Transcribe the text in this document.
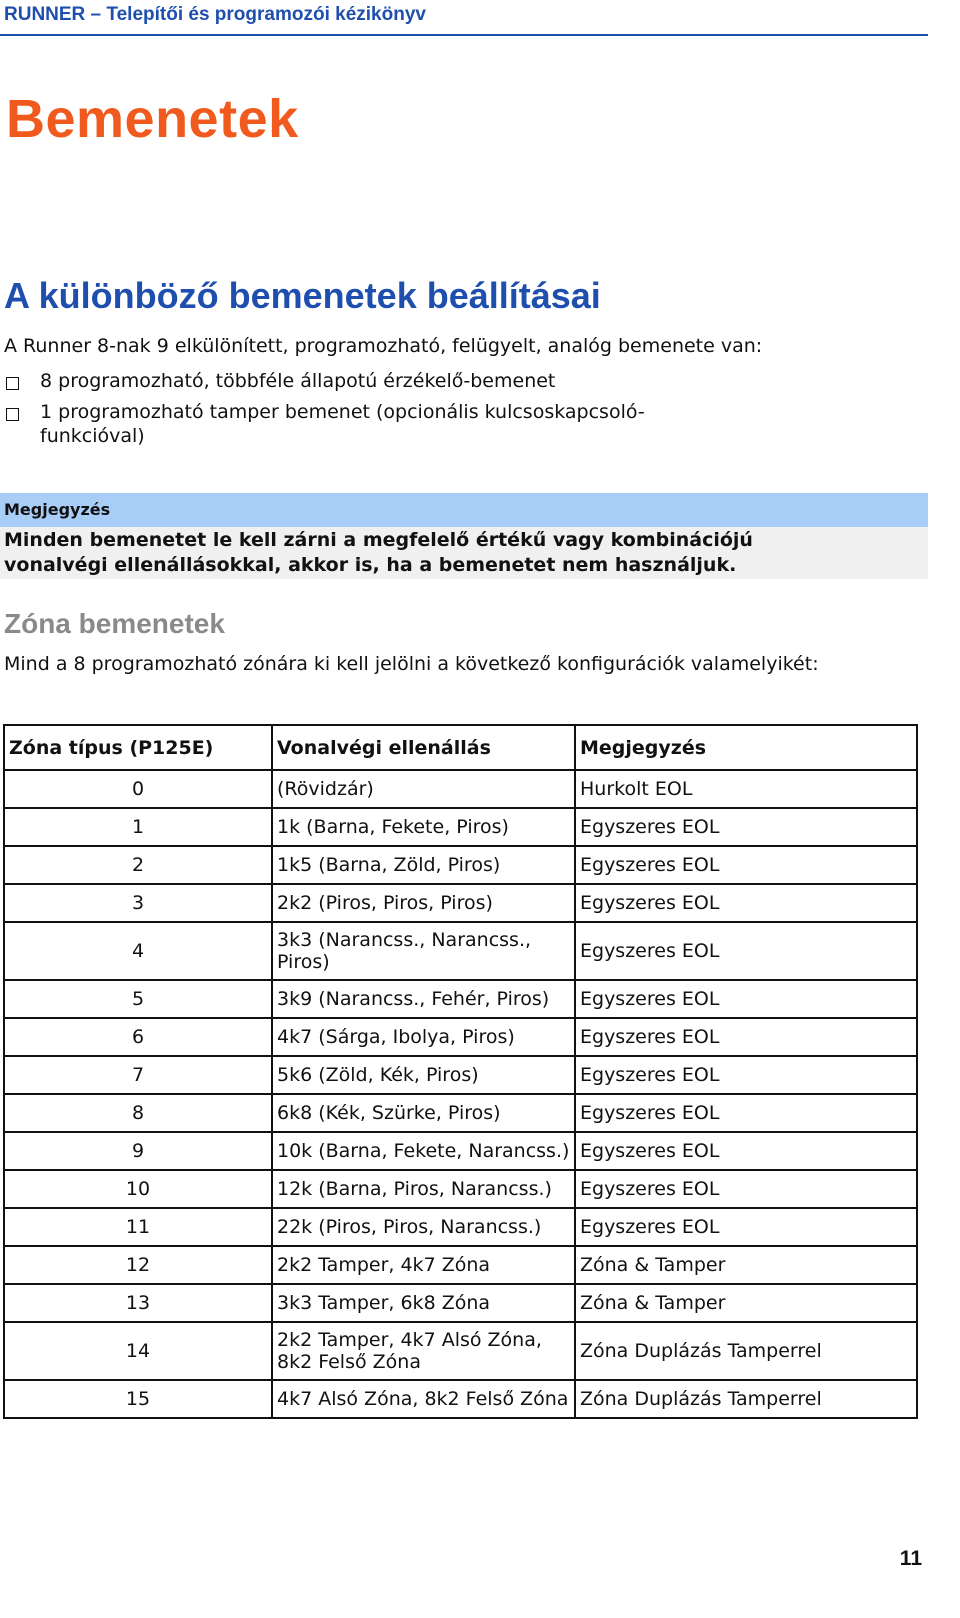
RUNNER – Telepítői és programozói kézikönyv
Bemenetek
A különböző bemenetek beállításai
A Runner 8-nak 9 elkülönített, programozható, felügyelt, analóg bemenete van:
8 programozható, többféle állapotú érzékelő-bemenet
1 programozható tamper bemenet (opcionális kulcsoskapcsoló-
funkcióval)
Megjegyzés
Minden bemenetet le kell zárni a megfelelő értékű vagy kombinációjú
vonalvégi ellenállásokkal, akkor is, ha a bemenetet nem használjuk.
Zóna bemenetek
Mind a 8 programozható zónára ki kell jelölni a következő konfigurációk valamelyikét:
Zóna típus (P125E)	Vonalvégi ellenállás	Megjegyzés
0	(Rövidzár)	Hurkolt EOL
1	1k (Barna, Fekete, Piros)	Egyszeres EOL
2	1k5 (Barna, Zöld, Piros)	Egyszeres EOL
3	2k2 (Piros, Piros, Piros)	Egyszeres EOL
4	3k3 (Narancss., Narancss.,
Piros)	Egyszeres EOL
5	3k9 (Narancss., Fehér, Piros)	Egyszeres EOL
6	4k7 (Sárga, Ibolya, Piros)	Egyszeres EOL
7	5k6 (Zöld, Kék, Piros)	Egyszeres EOL
8	6k8 (Kék, Szürke, Piros)	Egyszeres EOL
9	10k (Barna, Fekete, Narancss.)	Egyszeres EOL
10	12k (Barna, Piros, Narancss.)	Egyszeres EOL
11	22k (Piros, Piros, Narancss.)	Egyszeres EOL
12	2k2 Tamper, 4k7 Zóna	Zóna & Tamper
13	3k3 Tamper, 6k8 Zóna	Zóna & Tamper
14	2k2 Tamper, 4k7 Alsó Zóna,
8k2 Felső Zóna	Zóna Duplázás Tamperrel
15	4k7 Alsó Zóna, 8k2 Felső Zóna	Zóna Duplázás Tamperrel
11
